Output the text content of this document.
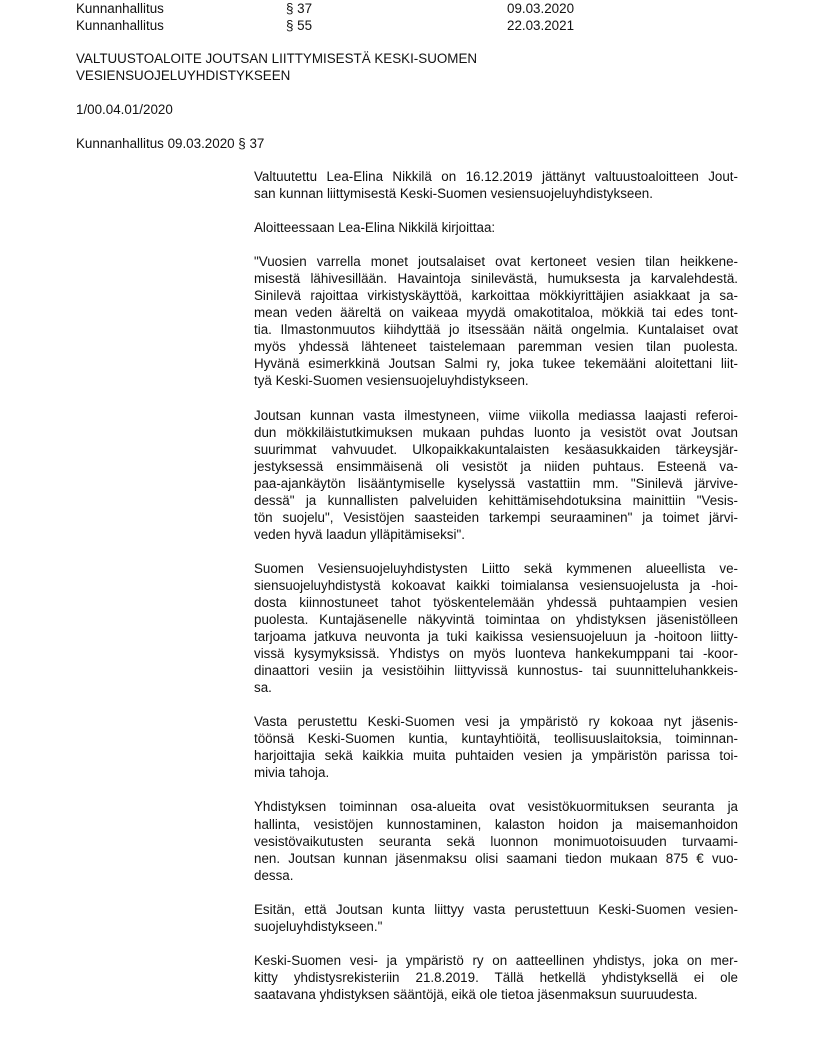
Kunnanhallitus	§ 37	09.03.2020
Kunnanhallitus	§ 55	22.03.2021
VALTUUSTOALOITE JOUTSAN LIITTYMISESTÄ KESKI-SUOMEN
VESIENSUOJELUYHDISTYKSEEN
1/00.04.01/2020
Kunnanhallitus 09.03.2020 § 37

Valtuutettu Lea-Elina Nikkilä on 16.12.2019 jättänyt valtuustoaloitteen Jout-
san kunnan liittymisestä Keski-Suomen vesiensuojeluyhdistykseen.

Aloitteessaan Lea-Elina Nikkilä kirjoittaa:

"Vuosien varrella monet joutsalaiset ovat kertoneet vesien tilan heikkene-
misestä lähivesillään. Havaintoja sinilevästä, humuksesta ja karvalehdestä.
Sinilevä rajoittaa virkistyskäyttöä, karkoittaa mökkiyrittäjien asiakkaat ja sa-
mean veden ääreltä on vaikeaa myydä omakotitaloa, mökkiä tai edes tont-
tia. Ilmastonmuutos kiihdyttää jo itsessään näitä ongelmia. Kuntalaiset ovat
myös yhdessä lähteneet taistelemaan paremman vesien tilan puolesta.
Hyvänä esimerkkinä Joutsan Salmi ry, joka tukee tekemääni aloitettani liit-
tyä Keski-Suomen vesiensuojeluyhdistykseen.

Joutsan kunnan vasta ilmestyneen, viime viikolla mediassa laajasti referoi-
dun mökkiläistutkimuksen mukaan puhdas luonto ja vesistöt ovat Joutsan
suurimmat vahvuudet. Ulkopaikkakuntalaisten kesäasukkaiden tärkeysjär-
jestyksessä ensimmäisenä oli vesistöt ja niiden puhtaus. Esteenä va-
paa-ajankäytön lisääntymiselle kyselyssä vastattiin mm. "Sinilevä järvive-
dessä" ja kunnallisten palveluiden kehittämisehdotuksina mainittiin "Vesis-
tön suojelu", Vesistöjen saasteiden tarkempi seuraaminen" ja toimet järvi-
veden hyvä laadun ylläpitämiseksi".

Suomen Vesiensuojeluyhdistysten Liitto sekä kymmenen alueellista ve-
siensuojeluyhdistystä kokoavat kaikki toimialansa vesiensuojelusta ja -hoi-
dosta kiinnostuneet tahot työskentelemään yhdessä puhtaampien vesien
puolesta. Kuntajäsenelle näkyvintä toimintaa on yhdistyksen jäsenistölleen
tarjoama jatkuva neuvonta ja tuki kaikissa vesiensuojeluun ja -hoitoon liitty-
vissä kysymyksissä. Yhdistys on myös luonteva hankekumppani tai -koor-
dinaattori vesiin ja vesistöihin liittyvissä kunnostus- tai suunnitteluhankkeis-
sa.

Vasta perustettu Keski-Suomen vesi ja ympäristö ry kokoaa nyt jäsenis-
töönsä Keski-Suomen kuntia, kuntayhtiöitä, teollisuuslaitoksia, toiminnan-
harjoittajia sekä kaikkia muita puhtaiden vesien ja ympäristön parissa toi-
mivia tahoja.

Yhdistyksen toiminnan osa-alueita ovat vesistökuormituksen seuranta ja
hallinta, vesistöjen kunnostaminen, kalaston hoidon ja maisemanhoidon
vesistövaikutusten seuranta sekä luonnon monimuotoisuuden turvaami-
nen. Joutsan kunnan jäsenmaksu olisi saamani tiedon mukaan 875 € vuo-
dessa.

Esitän, että Joutsan kunta liittyy vasta perustettuun Keski-Suomen vesien-
suojeluyhdistykseen."

Keski-Suomen vesi- ja ympäristö ry on aatteellinen yhdistys, joka on mer-
kitty yhdistysrekisteriin 21.8.2019. Tällä hetkellä yhdistyksellä ei ole
saatavana yhdistyksen sääntöjä, eikä ole tietoa jäsenmaksun suuruudesta.
